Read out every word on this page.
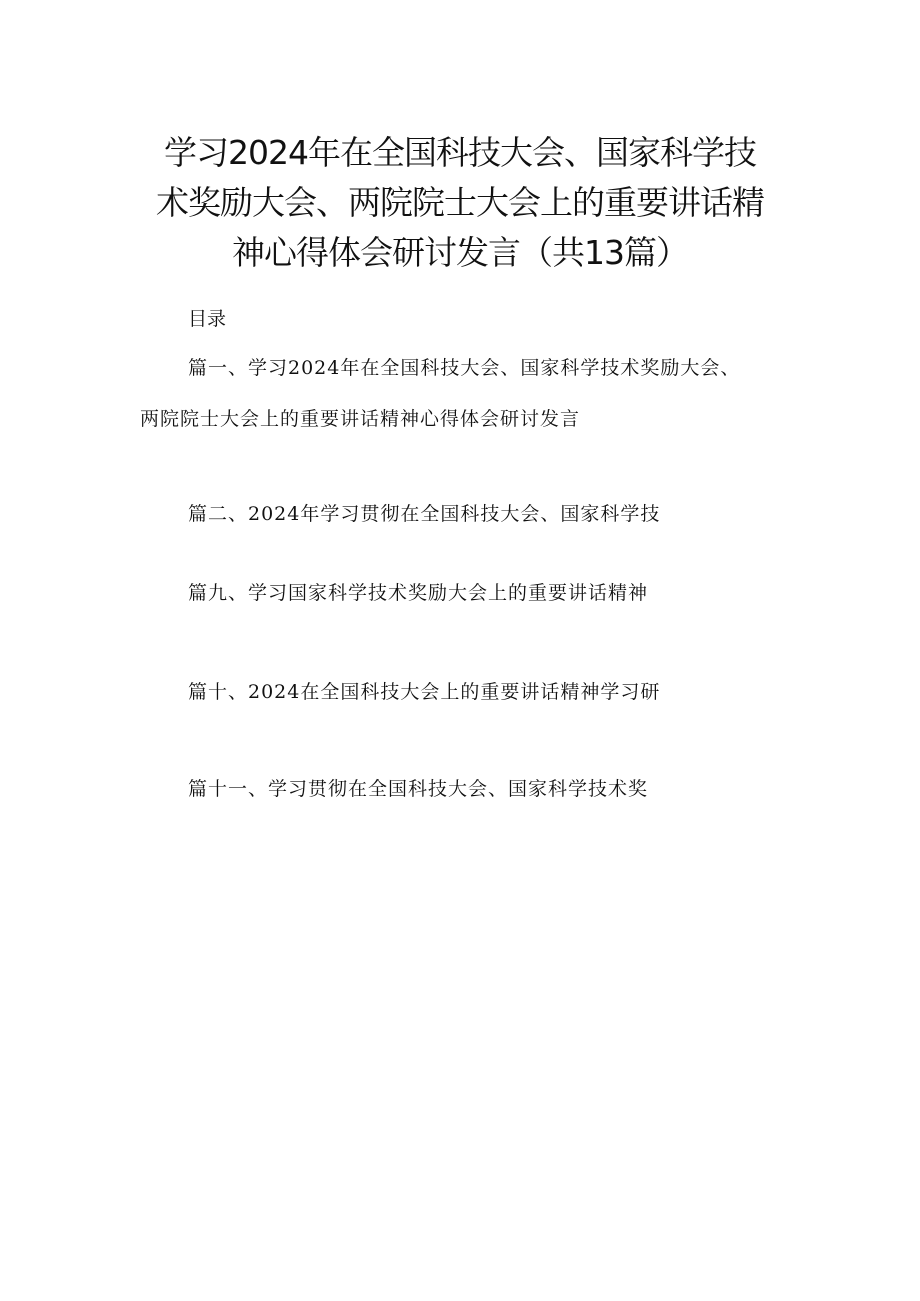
学习2024年在全国科技大会、国家科学技
术奖励大会、两院院士大会上的重要讲话精
神心得体会研讨发言（共13篇）
目录
篇一、学习2024年在全国科技大会、国家科学技术奖励大会、
两院院士大会上的重要讲话精神心得体会研讨发言
篇二、2024年学习贯彻在全国科技大会、国家科学技
篇九、学习国家科学技术奖励大会上的重要讲话精神
篇十、2024在全国科技大会上的重要讲话精神学习研
篇十一、学习贯彻在全国科技大会、国家科学技术奖
